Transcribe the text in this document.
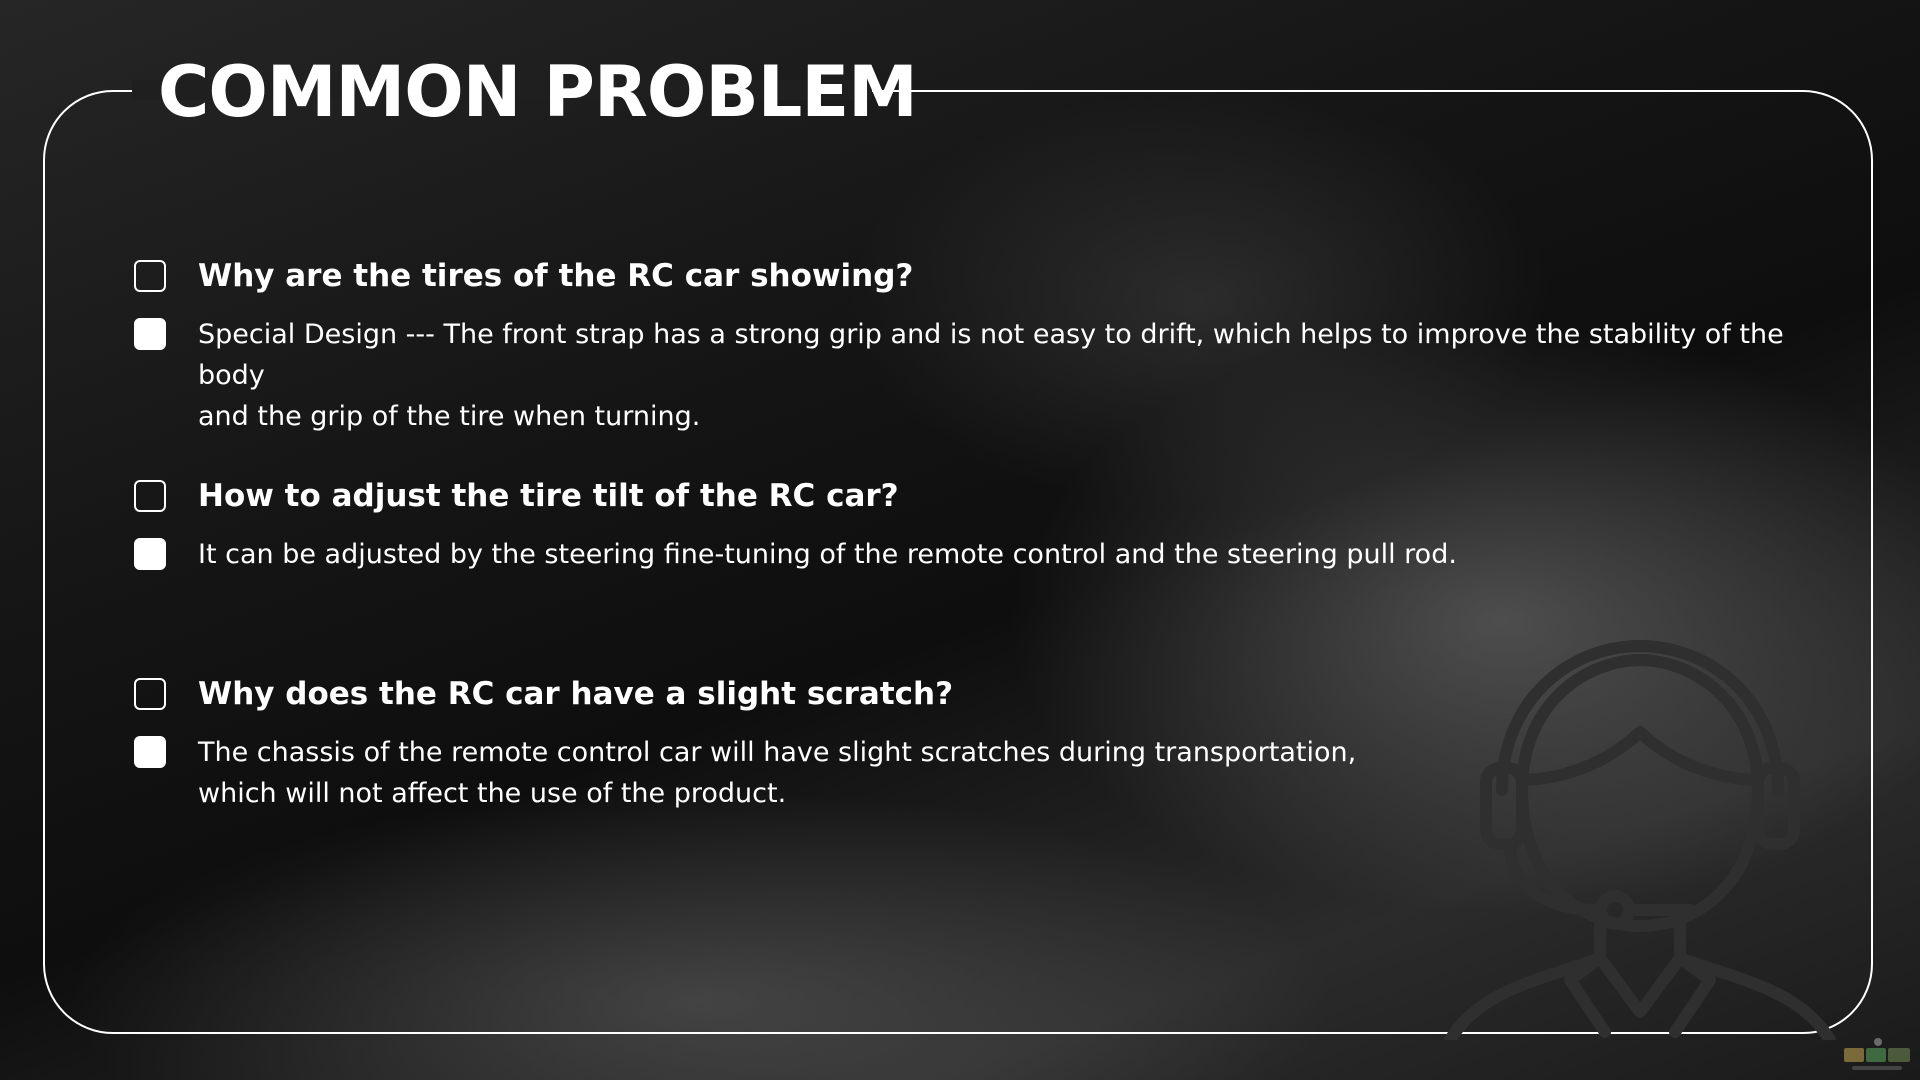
COMMON PROBLEM

Why are the tires of the RC car showing?

Special Design --- The front strap has a strong grip and is not easy to drift, which helps to improve the stability of the body

and the grip of the tire when turning.

How to adjust the tire tilt of the RC car?

It can be adjusted by the steering fine-tuning of the remote control and the steering pull rod.

Why does the RC car have a slight scratch?

The chassis of the remote control car will have slight scratches during transportation,

which will not affect the use of the product.
